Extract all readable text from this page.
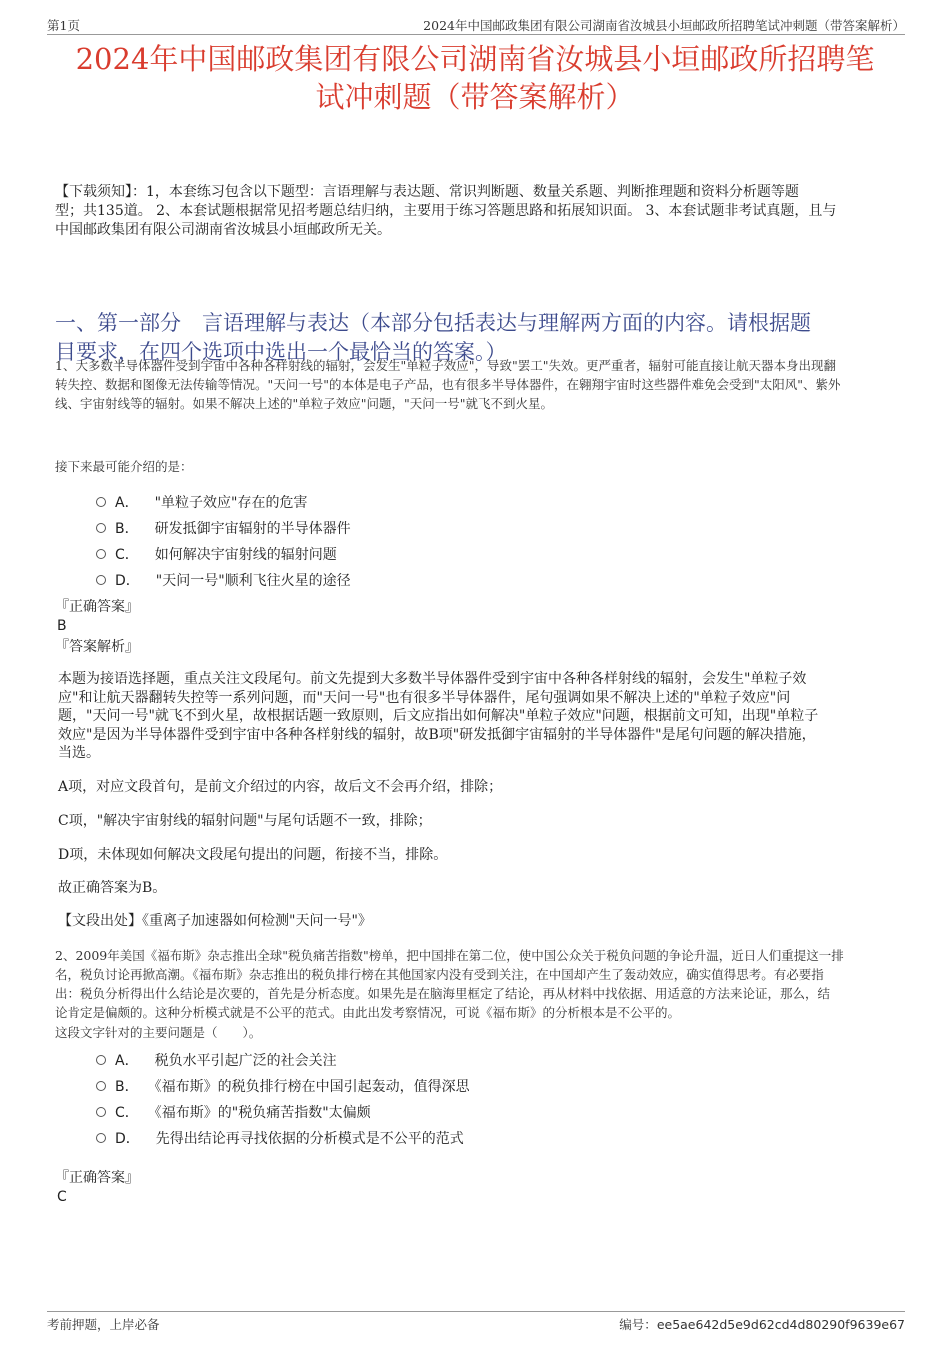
第1页	2024年中国邮政集团有限公司湖南省汝城县小垣邮政所招聘笔试冲刺题（带答案解析）
2024年中国邮政集团有限公司湖南省汝城县小垣邮政所招聘笔
试冲刺题（带答案解析）
【下载须知】：1，本套练习包含以下题型：言语理解与表达题、常识判断题、数量关系题、判断推理题和资料分析题等题
型；共135道。 2、本套试题根据常见招考题总结归纳，主要用于练习答题思路和拓展知识面。 3、本套试题非考试真题，且与
中国邮政集团有限公司湖南省汝城县小垣邮政所无关。
一、第一部分　言语理解与表达（本部分包括表达与理解两方面的内容。请根据题
目要求，在四个选项中选出一个最恰当的答案。）
1、大多数半导体器件受到宇宙中各种各样射线的辐射，会发生"单粒子效应"，导致"罢工"失效。更严重者，辐射可能直接让航天器本身出现翻
转失控、数据和图像无法传输等情况。"天问一号"的本体是电子产品，也有很多半导体器件，在翱翔宇宙时这些器件难免会受到"太阳风"、紫外
线、宇宙射线等的辐射。如果不解决上述的"单粒子效应"问题，"天问一号"就飞不到火星。
接下来最可能介绍的是：
A． "单粒子效应"存在的危害
B． 研发抵御宇宙辐射的半导体器件
C． 如何解决宇宙射线的辐射问题
D． "天问一号"顺利飞往火星的途径
『正确答案』
B
『答案解析』
本题为接语选择题，重点关注文段尾句。前文先提到大多数半导体器件受到宇宙中各种各样射线的辐射，会发生"单粒子效
应"和让航天器翻转失控等一系列问题，而"天问一号"也有很多半导体器件，尾句强调如果不解决上述的"单粒子效应"问
题，"天问一号"就飞不到火星，故根据话题一致原则，后文应指出如何解决"单粒子效应"问题，根据前文可知，出现"单粒子
效应"是因为半导体器件受到宇宙中各种各样射线的辐射，故B项"研发抵御宇宙辐射的半导体器件"是尾句问题的解决措施，
当选。
A项，对应文段首句，是前文介绍过的内容，故后文不会再介绍，排除；
C项，"解决宇宙射线的辐射问题"与尾句话题不一致，排除；
D项，未体现如何解决文段尾句提出的问题，衔接不当，排除。
故正确答案为B。
【文段出处】《重离子加速器如何检测"天问一号"》
2、2009年美国《福布斯》杂志推出全球"税负痛苦指数"榜单，把中国排在第二位，使中国公众关于税负问题的争论升温，近日人们重提这一排
名，税负讨论再掀高潮。《福布斯》杂志推出的税负排行榜在其他国家内没有受到关注，在中国却产生了轰动效应，确实值得思考。有必要指
出：税负分析得出什么结论是次要的，首先是分析态度。如果先是在脑海里框定了结论，再从材料中找依据、用适意的方法来论证，那么，结
论肯定是偏颇的。这种分析模式就是不公平的范式。由此出发考察情况，可说《福布斯》的分析根本是不公平的。
这段文字针对的主要问题是（　　）。
A． 税负水平引起广泛的社会关注
B． 《福布斯》的税负排行榜在中国引起轰动，值得深思
C． 《福布斯》的"税负痛苦指数"太偏颇
D． 先得出结论再寻找依据的分析模式是不公平的范式
『正确答案』
C
考前押题，上岸必备	编号：ee5ae642d5e9d62cd4d80290f9639e67
